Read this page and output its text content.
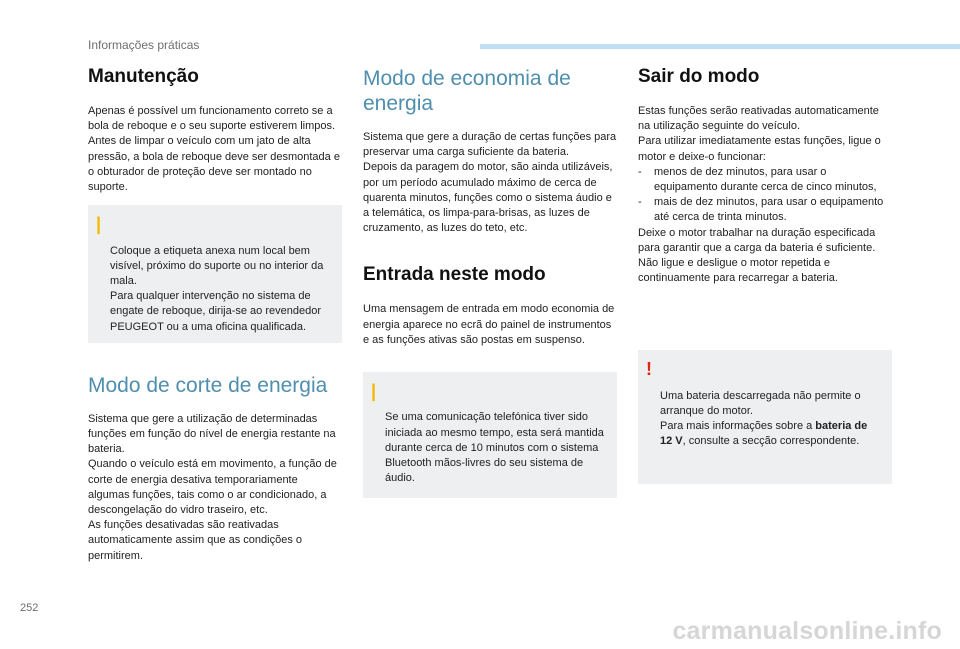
Informações práticas
Manutenção

Apenas é possível um funcionamento correto se a bola de reboque e o seu suporte estiverem limpos.
Antes de limpar o veículo com um jato de alta pressão, a bola de reboque deve ser desmontada e o obturador de proteção deve ser montado no suporte.

|

Coloque a etiqueta anexa num local bem visível, próximo do suporte ou no interior da mala.
Para qualquer intervenção no sistema de engate de reboque, dirija-se ao revendedor PEUGEOT ou a uma oficina qualificada.

Modo de corte de energia

Sistema que gere a utilização de determinadas funções em função do nível de energia restante na bateria.
Quando o veículo está em movimento, a função de corte de energia desativa temporariamente algumas funções, tais como o ar condicionado, a descongelação do vidro traseiro, etc.
As funções desativadas são reativadas automaticamente assim que as condições o permitirem.

Modo de economia de energia

Sistema que gere a duração de certas funções para preservar uma carga suficiente da bateria.
Depois da paragem do motor, são ainda utilizáveis, por um período acumulado máximo de cerca de quarenta minutos, funções como o sistema áudio e a telemática, os limpa-para-brisas, as luzes de cruzamento, as luzes do teto, etc.

Entrada neste modo

Uma mensagem de entrada em modo economia de energia aparece no ecrã do painel de instrumentos e as funções ativas são postas em suspenso.

|

Se uma comunicação telefónica tiver sido iniciada ao mesmo tempo, esta será mantida durante cerca de 10 minutos com o sistema Bluetooth mãos-livres do seu sistema de áudio.

Sair do modo

Estas funções serão reativadas automaticamente na utilização seguinte do veículo.
Para utilizar imediatamente estas funções, ligue o motor e deixe-o funcionar:

- menos de dez minutos, para usar o equipamento durante cerca de cinco minutos,
- mais de dez minutos, para usar o equipamento até cerca de trinta minutos.

Deixe o motor trabalhar na duração especificada para garantir que a carga da bateria é suficiente.
Não ligue e desligue o motor repetida e continuamente para recarregar a bateria.

!

Uma bateria descarregada não permite o arranque do motor.
Para mais informações sobre a bateria de 12 V, consulte a secção correspondente.

252
carmanualsonline.info
